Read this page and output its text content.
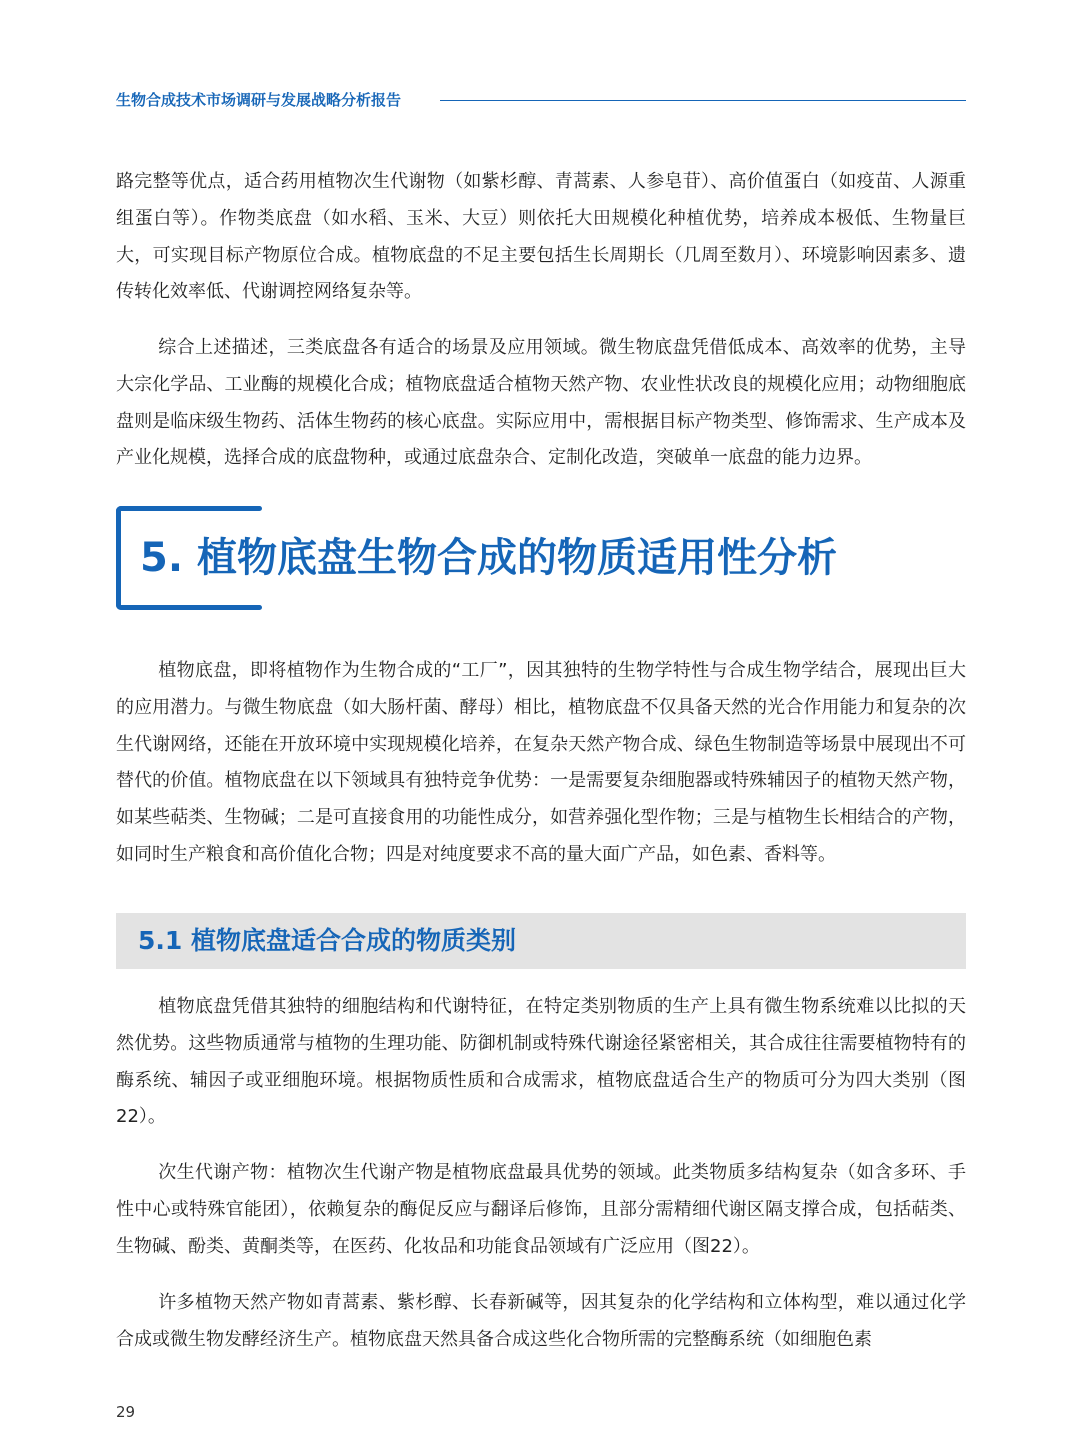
生物合成技术市场调研与发展战略分析报告

路完整等优点，适合药用植物次生代谢物（如紫杉醇、青蒿素、人参皂苷）、高价值蛋白（如疫苗、人源重组蛋白等）。作物类底盘（如水稻、玉米、大豆）则依托大田规模化种植优势，培养成本极低、生物量巨大，可实现目标产物原位合成。植物底盘的不足主要包括生长周期长（几周至数月）、环境影响因素多、遗传转化效率低、代谢调控网络复杂等。

综合上述描述，三类底盘各有适合的场景及应用领域。微生物底盘凭借低成本、高效率的优势，主导大宗化学品、工业酶的规模化合成；植物底盘适合植物天然产物、农业性状改良的规模化应用；动物细胞底盘则是临床级生物药、活体生物药的核心底盘。实际应用中，需根据目标产物类型、修饰需求、生产成本及产业化规模，选择合成的底盘物种，或通过底盘杂合、定制化改造，突破单一底盘的能力边界。

5. 植物底盘生物合成的物质适用性分析

植物底盘，即将植物作为生物合成的“工厂”，因其独特的生物学特性与合成生物学结合，展现出巨大的应用潜力。与微生物底盘（如大肠杆菌、酵母）相比，植物底盘不仅具备天然的光合作用能力和复杂的次生代谢网络，还能在开放环境中实现规模化培养，在复杂天然产物合成、绿色生物制造等场景中展现出不可替代的价值。植物底盘在以下领域具有独特竞争优势：一是需要复杂细胞器或特殊辅因子的植物天然产物，如某些萜类、生物碱；二是可直接食用的功能性成分，如营养强化型作物；三是与植物生长相结合的产物，如同时生产粮食和高价值化合物；四是对纯度要求不高的量大面广产品，如色素、香料等。

5.1 植物底盘适合合成的物质类别

植物底盘凭借其独特的细胞结构和代谢特征，在特定类别物质的生产上具有微生物系统难以比拟的天然优势。这些物质通常与植物的生理功能、防御机制或特殊代谢途径紧密相关，其合成往往需要植物特有的酶系统、辅因子或亚细胞环境。根据物质性质和合成需求，植物底盘适合生产的物质可分为四大类别（图 22）。

次生代谢产物：植物次生代谢产物是植物底盘最具优势的领域。此类物质多结构复杂（如含多环、手性中心或特殊官能团），依赖复杂的酶促反应与翻译后修饰，且部分需精细代谢区隔支撑合成，包括萜类、生物碱、酚类、黄酮类等，在医药、化妆品和功能食品领域有广泛应用（图22）。

许多植物天然产物如青蒿素、紫杉醇、长春新碱等，因其复杂的化学结构和立体构型，难以通过化学合成或微生物发酵经济生产。植物底盘天然具备合成这些化合物所需的完整酶系统（如细胞色素

29
